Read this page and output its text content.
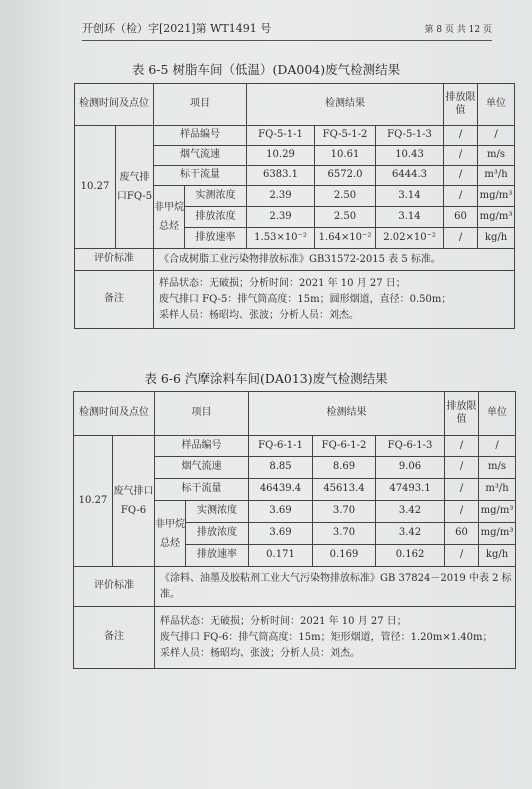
开创环（检）字[2021]第 WT1491 号	第 8 页 共 12 页
表 6-5 树脂车间（低温）(DA004)废气检测结果
检测时间及点位		项目		检测结果			排放限值	单位
10.27	废气排口FQ-5	样品编号		FQ-5-1-1	FQ-5-1-2	FQ-5-1-3	/	/
		烟气流速		10.29	10.61	10.43	/	m/s
		标干流量		6383.1	6572.0	6444.3	/	m³/h
		非甲烷总烃	实测浓度	2.39	2.50	3.14	/	mg/m³
			排放浓度	2.39	2.50	3.14	60	mg/m³
			排放速率	1.53×10⁻²	1.64×10⁻²	2.02×10⁻²	/	kg/h
评价标准		《合成树脂工业污染物排放标准》GB31572-2015 表 5 标准。						
备注		样品状态：无破损；分析时间：2021 年 10 月 27 日；
废气排口 FQ-5：排气筒高度：15m；圆形烟道，直径：0.50m；
采样人员：杨昭均、张波；分析人员：刘杰。						
表 6-6 汽摩涂料车间(DA013)废气检测结果
检测时间及点位		项目		检测结果			排放限值	单位
10.27	废气排口FQ-6	样品编号		FQ-6-1-1	FQ-6-1-2	FQ-6-1-3	/	/
		烟气流速		8.85	8.69	9.06	/	m/s
		标干流量		46439.4	45613.4	47493.1	/	m³/h
		非甲烷总烃	实测浓度	3.69	3.70	3.42	/	mg/m³
			排放浓度	3.69	3.70	3.42	60	mg/m³
			排放速率	0.171	0.169	0.162	/	kg/h
评价标准		《涂料、油墨及胶粘剂工业大气污染物排放标准》GB 37824－2019 中表 2 标准。						
备注		样品状态：无破损；分析时间：2021 年 10 月 27 日；
废气排口 FQ-6：排气筒高度：15m；矩形烟道，管径：1.20m×1.40m；
采样人员：杨昭均、张波；分析人员：刘杰。						
